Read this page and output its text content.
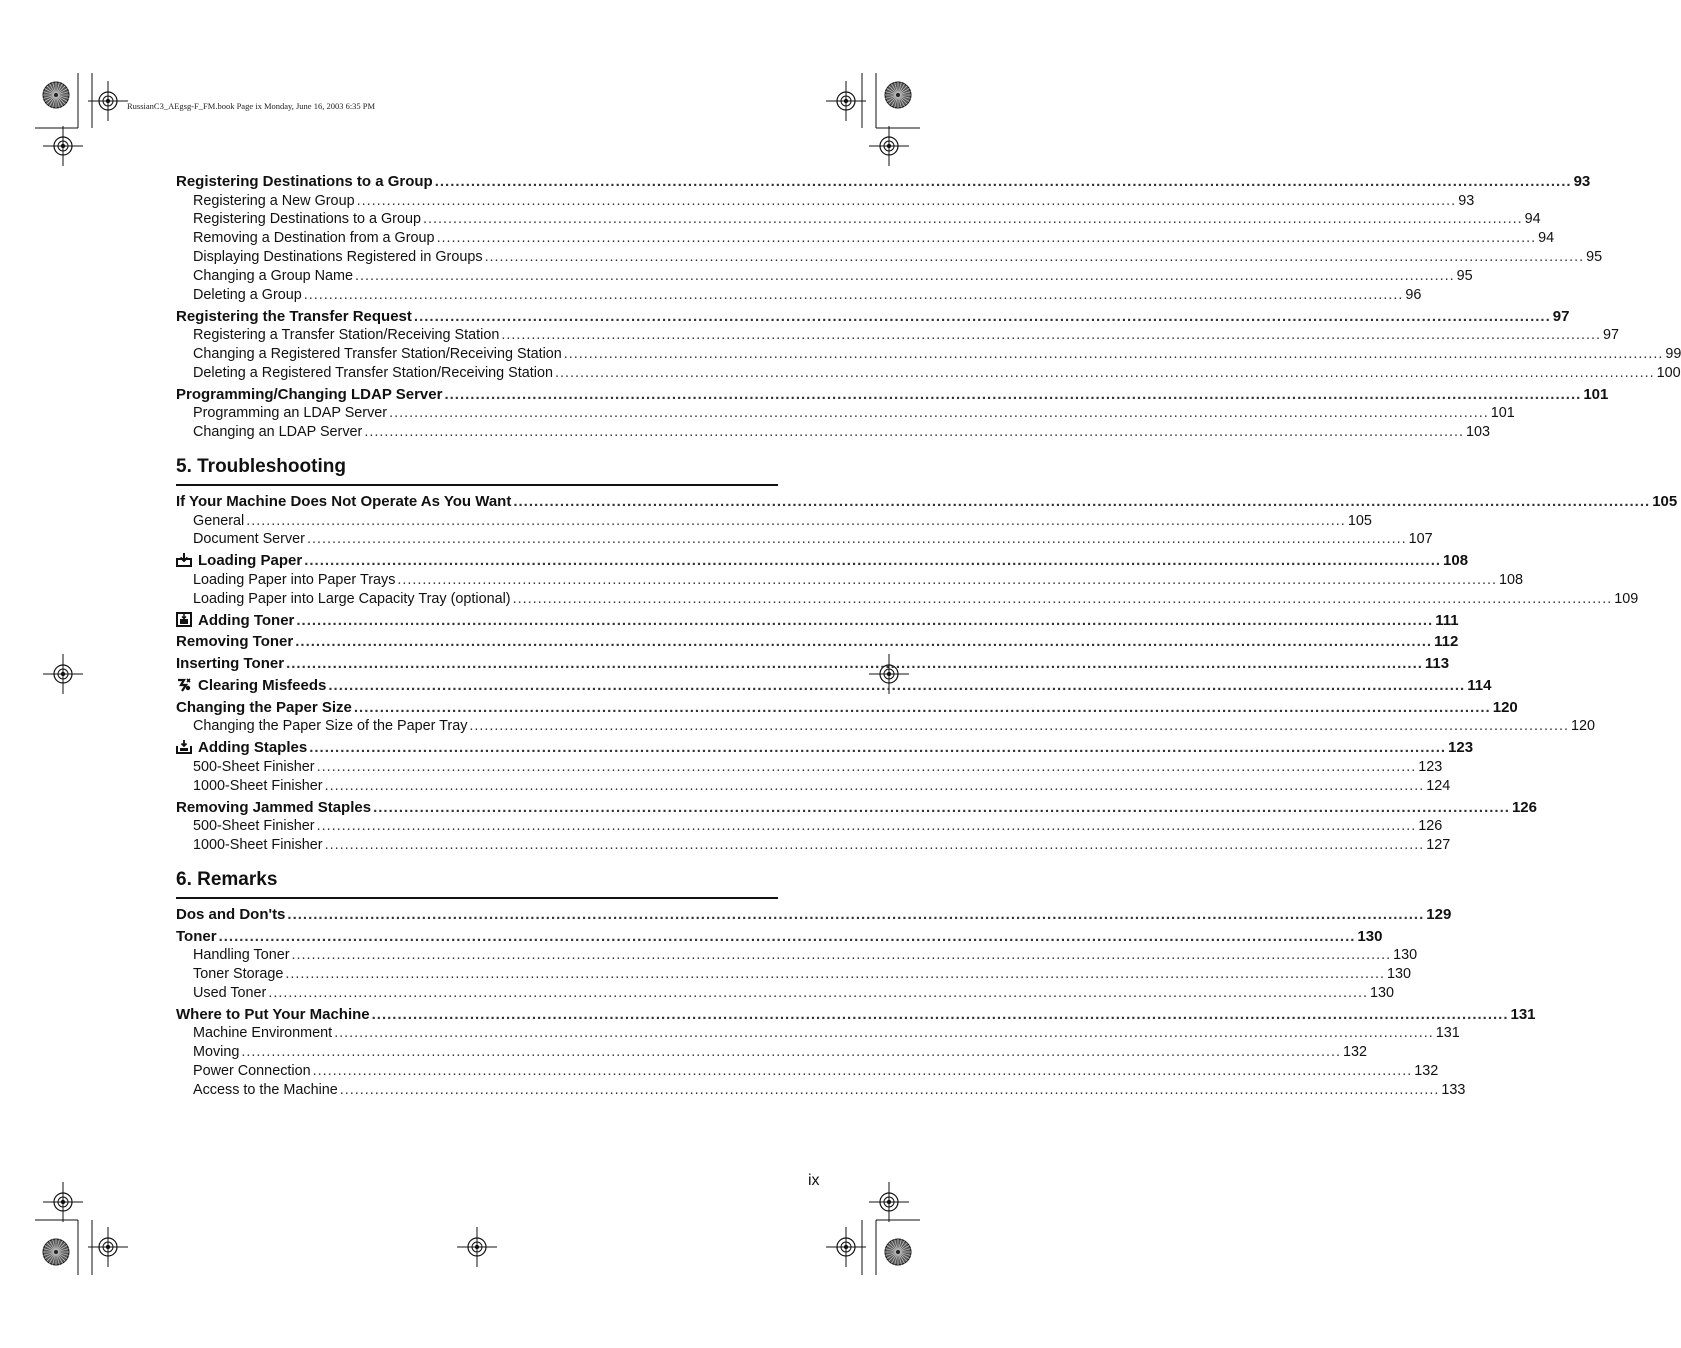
RussianC3_AEgsg-F_FM.book Page ix Monday, June 16, 2003 6:35 PM
Registering Destinations to a Group ............................................................................................................................................................................................................................ 93
Registering a New Group ............................................................................................................................................................................................................................ 93
Registering Destinations to a Group ............................................................................................................................................................................................................................ 94
Removing a Destination from a Group ............................................................................................................................................................................................................................ 94
Displaying Destinations Registered in Groups ............................................................................................................................................................................................................................ 95
Changing a Group Name ............................................................................................................................................................................................................................ 95
Deleting a Group ............................................................................................................................................................................................................................ 96
Registering the Transfer Request ............................................................................................................................................................................................................................ 97
Registering a Transfer Station/Receiving Station ............................................................................................................................................................................................................................ 97
Changing a Registered Transfer Station/Receiving Station ............................................................................................................................................................................................................................ 99
Deleting a Registered Transfer Station/Receiving Station ............................................................................................................................................................................................................................ 100
Programming/Changing LDAP Server ............................................................................................................................................................................................................................ 101
Programming an LDAP Server ............................................................................................................................................................................................................................ 101
Changing an LDAP Server ............................................................................................................................................................................................................................ 103
5. Troubleshooting
If Your Machine Does Not Operate As You Want ............................................................................................................................................................................................................................ 105
General ............................................................................................................................................................................................................................ 105
Document Server ............................................................................................................................................................................................................................ 107
Loading Paper ............................................................................................................................................................................................................................ 108
Loading Paper into Paper Trays ............................................................................................................................................................................................................................ 108
Loading Paper into Large Capacity Tray (optional) ............................................................................................................................................................................................................................ 109
Adding Toner ............................................................................................................................................................................................................................ 111
Removing Toner ............................................................................................................................................................................................................................ 112
Inserting Toner ............................................................................................................................................................................................................................ 113
Clearing Misfeeds ............................................................................................................................................................................................................................ 114
Changing the Paper Size ............................................................................................................................................................................................................................ 120
Changing the Paper Size of the Paper Tray ............................................................................................................................................................................................................................ 120
Adding Staples ............................................................................................................................................................................................................................ 123
500-Sheet Finisher ............................................................................................................................................................................................................................ 123
1000-Sheet Finisher ............................................................................................................................................................................................................................ 124
Removing Jammed Staples ............................................................................................................................................................................................................................ 126
500-Sheet Finisher ............................................................................................................................................................................................................................ 126
1000-Sheet Finisher ............................................................................................................................................................................................................................ 127
6. Remarks
Dos and Don'ts ............................................................................................................................................................................................................................ 129
Toner ............................................................................................................................................................................................................................ 130
Handling Toner ............................................................................................................................................................................................................................ 130
Toner Storage ............................................................................................................................................................................................................................ 130
Used Toner ............................................................................................................................................................................................................................ 130
Where to Put Your Machine ............................................................................................................................................................................................................................ 131
Machine Environment ............................................................................................................................................................................................................................ 131
Moving ............................................................................................................................................................................................................................ 132
Power Connection ............................................................................................................................................................................................................................ 132
Access to the Machine ............................................................................................................................................................................................................................ 133
ix
